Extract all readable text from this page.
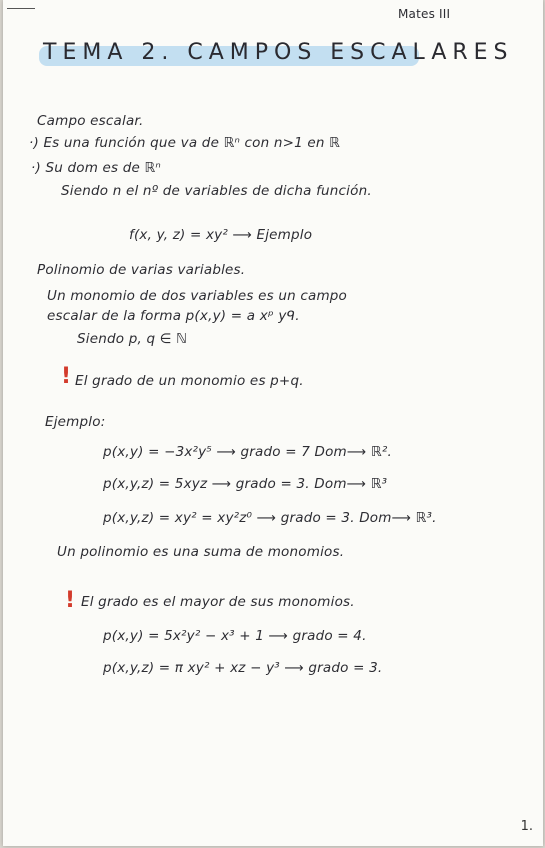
Mates III
TEMA 2. CAMPOS ESCALARES
Campo escalar.
·) Es una función que va de ℝⁿ con n>1 en ℝ
·) Su dom es de ℝⁿ
Siendo n el nº de variables de dicha función.
f(x, y, z) = xy² ⟶ Ejemplo
Polinomio de varias variables.
Un monomio de dos variables es un campo
escalar de la forma p(x,y) = a xᵖ yᑫ.
Siendo p, q ∈ ℕ
! El grado de un monomio es p+q.
Ejemplo:
p(x,y) = −3x²y⁵ ⟶ grado = 7 Dom⟶ ℝ².
p(x,y,z) = 5xyz ⟶ grado = 3. Dom⟶ ℝ³
p(x,y,z) = xy² = xy²z⁰ ⟶ grado = 3. Dom⟶ ℝ³.
Un polinomio es una suma de monomios.
! El grado es el mayor de sus monomios.
p(x,y) = 5x²y² − x³ + 1 ⟶ grado = 4.
p(x,y,z) = π xy² + xz − y³ ⟶ grado = 3.
1.
